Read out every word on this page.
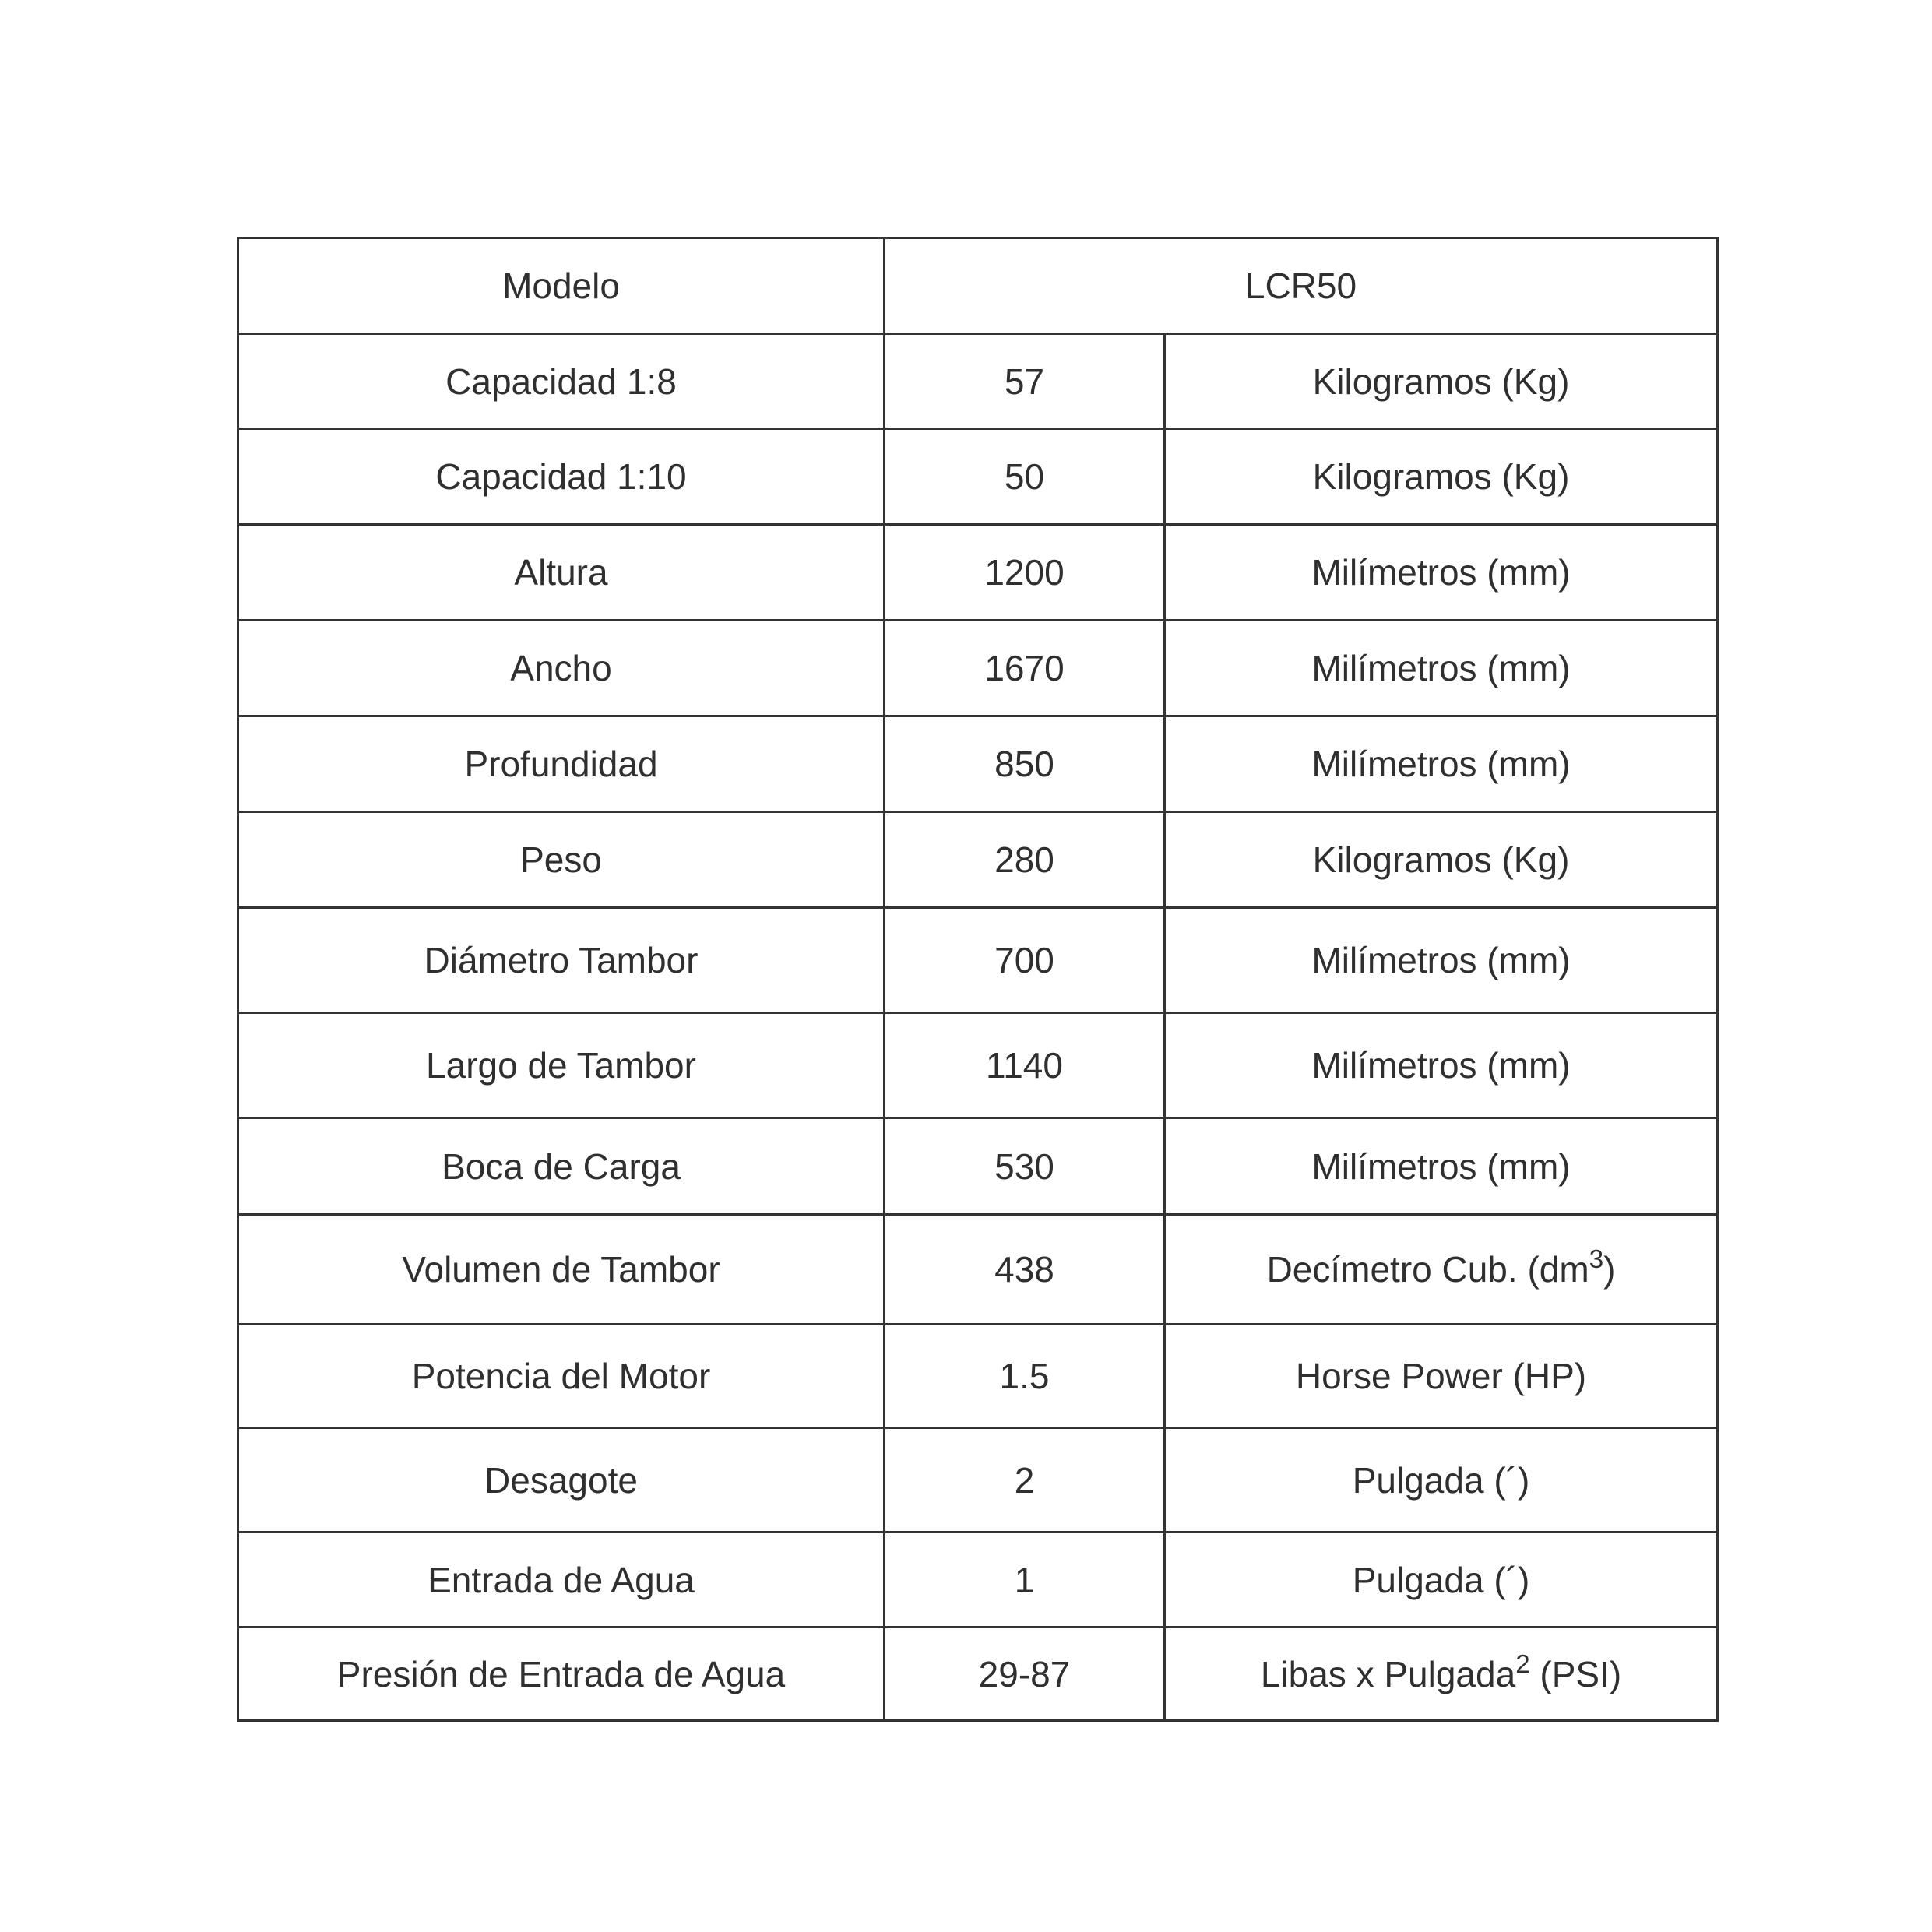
Modelo	LCR50	
Capacidad 1:8	57	Kilogramos (Kg)
Capacidad 1:10	50	Kilogramos (Kg)
Altura	1200	Milímetros (mm)
Ancho	1670	Milímetros (mm)
Profundidad	850	Milímetros (mm)
Peso	280	Kilogramos (Kg)
Diámetro Tambor	700	Milímetros (mm)
Largo de Tambor	1140	Milímetros (mm)
Boca de Carga	530	Milímetros (mm)
Volumen de Tambor	438	Decímetro Cub. $(dm^3)$
Potencia del Motor	1.5	Horse Power (HP)
Desagote	2	Pulgada (´)
Entrada de Agua	1	Pulgada (´)
Presión de Entrada de Agua	29-87	Libas x Pulgada$^2$ (PSI)
